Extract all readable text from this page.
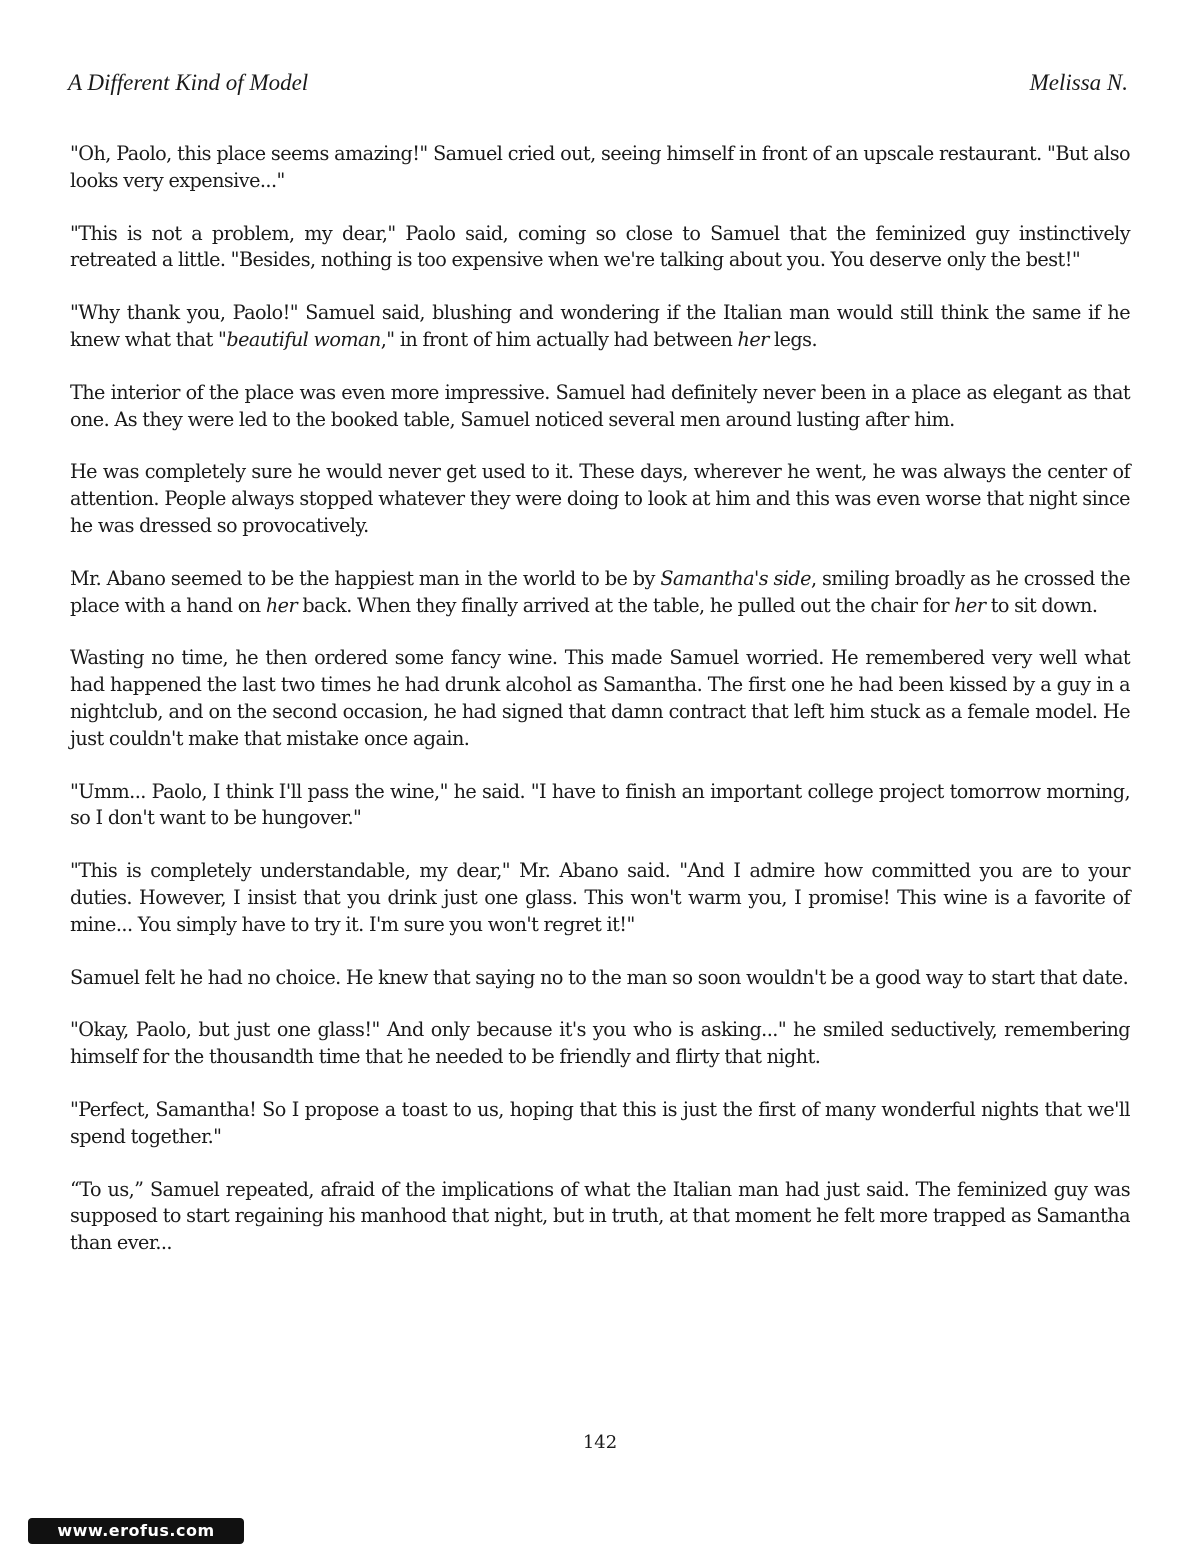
A Different Kind of Model	Melissa N.

"Oh, Paolo, this place seems amazing!" Samuel cried out, seeing himself in front of an upscale restaurant. "But also looks very expensive..."

"This is not a problem, my dear," Paolo said, coming so close to Samuel that the feminized guy instinctively retreated a little. "Besides, nothing is too expensive when we're talking about you. You deserve only the best!"

"Why thank you, Paolo!" Samuel said, blushing and wondering if the Italian man would still think the same if he knew what that "beautiful woman," in front of him actually had between her legs.

The interior of the place was even more impressive. Samuel had definitely never been in a place as elegant as that one. As they were led to the booked table, Samuel noticed several men around lusting after him.

He was completely sure he would never get used to it. These days, wherever he went, he was always the center of attention. People always stopped whatever they were doing to look at him and this was even worse that night since he was dressed so provocatively.

Mr. Abano seemed to be the happiest man in the world to be by Samantha's side, smiling broadly as he crossed the place with a hand on her back. When they finally arrived at the table, he pulled out the chair for her to sit down.

Wasting no time, he then ordered some fancy wine. This made Samuel worried. He remembered very well what had happened the last two times he had drunk alcohol as Samantha. The first one he had been kissed by a guy in a nightclub, and on the second occasion, he had signed that damn contract that left him stuck as a female model. He just couldn't make that mistake once again.

"Umm... Paolo, I think I'll pass the wine," he said. "I have to finish an important college project tomorrow morning, so I don't want to be hungover."

"This is completely understandable, my dear," Mr. Abano said. "And I admire how committed you are to your duties. However, I insist that you drink just one glass. This won't warm you, I promise! This wine is a favorite of mine... You simply have to try it. I'm sure you won't regret it!"

Samuel felt he had no choice. He knew that saying no to the man so soon wouldn't be a good way to start that date.

"Okay, Paolo, but just one glass!" And only because it's you who is asking..." he smiled seductively, remembering himself for the thousandth time that he needed to be friendly and flirty that night.

"Perfect, Samantha! So I propose a toast to us, hoping that this is just the first of many wonderful nights that we'll spend together."

“To us,” Samuel repeated, afraid of the implications of what the Italian man had just said. The feminized guy was supposed to start regaining his manhood that night, but in truth, at that moment he felt more trapped as Samantha than ever...

142
www.erofus.com
